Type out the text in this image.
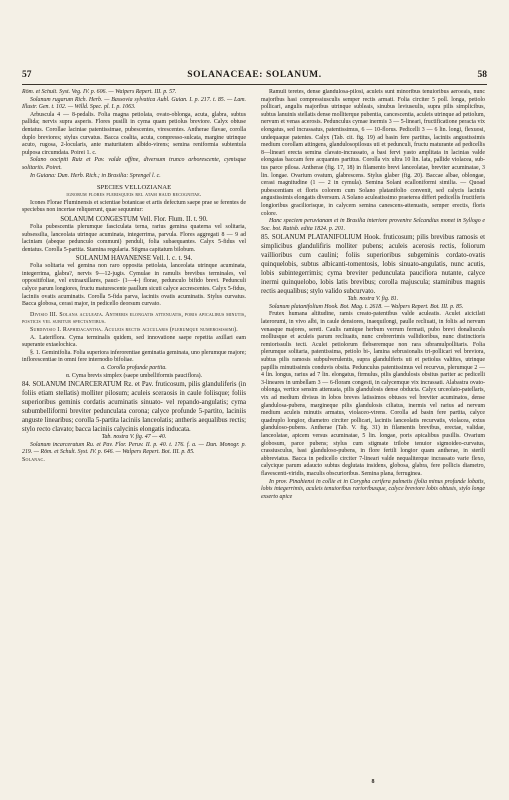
57	SOLANACEAE: SOLANUM.	58

Röm. et Schult. Syst. Veg. IV. p. 606. — Walpers Repert. III. p. 57.

Solanum rugarum Rich. Herb. — Bassovia sylvatica Aubl. Guian. I. p. 217. t. 85. — Lam. Illustr. Gen. t. 102. — Willd. Spec. pl. I. p. 1063.

Arbuscula 4 — 8-pedalis. Folia magna petiolata, ovato-oblonga, acuta, glabra, subtus pallida; nervis supra asperis. Flores pusilli in cyma quam petiolus breviore. Calyx obtuse dentatus. Corollae laciniae patentissimae, pubescentes, virescentes. Antherae flavae, corolla duplo breviores; stylus curvatus. Bacca coalita, acuta, compresso-sulcata, margine utrinque acuto, rugosa, 2-locularis, ante maturitatem albido-virens; semina reniformia subtentula pulposa circumdata. Poirei 1. c.

Solano oocipiti Ruiz et Pav. valde affine, diversum trunco arborescente, cymisque solitariis. Poiret.

In Guiana: Dun. Herb. Rich.; in Brasilia: Sprengel l. c.

SPECIES VELLOZIANAE

ignorum flores plerisqueis rel atam haud recognitae.

Icones Florae Fluminensis et scientiae botanicae et artis defectum saepe prae se ferentes de speciebus non incertae reliquerunt, quae sequuntur:

SOLANUM CONGESTUM Vell. Flor. Flum. II. t. 90.

Folia pubescentia plerumque fasciculata terna, rarius gemina quaterna vel solitaria, subsessilia, lanceolata utrinque acuminata, integerrima, parvula. Flores aggregati 8 — 9 ad laciniam (abeque pedunculo communi) penduli, folia subaequantes. Calyx 5-fidus vel dentatus. Corolla 5-partita. Stamina regularia. Stigma capitatum bilobum.

SOLANUM HAVANENSE Vell. l. c. t. 94.

Folia solitaria vel gemina non raro opposita petiolata, lanceolata utrinque acuminata, integerrima, glabra?, nervis 9—12-jugis. Cymulae in ramulis brevibus terminales, vel oppositifoliae, vel extraaxillares, pauci- (1—4-) florae, pedunculo bifido brevi. Pedunculi calyce parum longiores, fructu maturescente paullum sicuti calyce accrescentes. Calyx 5-fidus, laciniis ovatis acuminatis. Corolla 5-fida parva, laciniis ovatis acuminatis. Stylus curvatus. Bacca globosa, cerasi major, in pedicello deorsum curvato.

Divisio III. Solana aculeata. Antheris elongatis attenuatis, poris apicalibus minutis, posticis vel subitur spectantibus.

Subdivisio I. Raphidacantha. Aculeis rectis acicularis (plerumque numerosissimi).

A. Lateriflora. Cyma terminalis quidem, sed innovatione saepe repetita axillari eam superante extaelochica.

§. 1. Geminifolia. Folia superiora inferorentiae geminatia geminata, uno plerumque majore; inflorescentiae in omni fere internodio bifoliae.

a. Corolla profunde partita.

α. Cyma brevis simplex (saepe umbelliformis pauciflora).

84. SOLANUM INCARCERATUM Rz. et Pav. fruticosum, pilis glanduliferis (in foliis etiam stellatis) molliter pilosum; aculeis sceraosis in caule foliisque; foliis superioribus geminis cordatis acuminatis sinuato- vel repando-angulatis; cyma subumbelliformi breviter pedunculata corona; calyce profunde 5-partito, laciniis anguste linearibus; corolla 5-partita laciniis lanceolatis; antheris aequalibus rectis; stylo recto clavato; bacca laciniis calycinis elongatis inducata.

Tab. nostra V. fig. 47 — 40.

Solanum incarceratum Ru. et Pav. Flor. Peruv. II. p. 40. t. 176. f. a. — Dun. Monogr. p. 219. — Röm. et Schult. Syst. IV. p. 646. — Walpers Repert. Bot. III. p. 85.

Solanac.

Ramuli teretes, dense glandulosa-pilosi, aculeis sunt minoribus tenuioribus aeroeais, nunc majoribus hasi compressiusculis semper rectis armati. Folia circiter 5 poll. longa, petiolo pollicari, angulis majoribus utrinque subleais, sinubus leviuseulis, supra pilis simplicibus, subtus lanuinis stellatis dense molliterque pubentia, cancescentia, aculeis utrinque ad petiolum, nervum et venas acerosis. Pedunculus cymae inermis 3 — 5-lineari, fructificatione peracta vix elongatus, sed incrassatus, patentissimus, 6 — 10-florus. Pedicelli 3 — 6 lin. longi, flexuosi, undequaque patentes. Calyx (Tab. cit. fig. 19) ad basin fere partitus, laciniis angustissimis medium corollam attingens, glandulosopilosus uti et pedunculi, fructu maturante ad pedicellis 8—lineari erecta semina clavato-incrassato, a basi fervi yasto amplitata in lacinias valde elongatas baccam fere acquantes partitus. Corolla vix ultra 10 lin. lata, pallide violacea, sub-tus parce pilosa. Antherae (fig. 17, 18) in filamento brevi lanceolatae, breviter acuminatae, 3 lin. longae. Ovarium ovatum, glabrescens. Stylus glaber (fig. 20). Baccae albae, oblongae, cerasi magnitudine (1 — 2 in cymula). Semina Solani ecalloniformi similia. — Quoad pubescentiam et floris colorem cum Solano platanifolio convenit, sed calycis laciniis angustissimis elongatis diversum. A Solano aculeatissimo praeterea differt pedicellis fructiferis longioribus graciliorisque, in calycem semina canescens-attenuatis, semper erectis, floris colore.

Hanc speciem peruvianam et in Brasilia interiore provenire Selcandius monet in Syllogo e Soc. bot. Ratisb. edita 1824. p. 201.

85. SOLANUM PLATANIFOLIUM Hook. fruticosum; pilis brevibus ramosis et simplicibus glandulifiris molliter pubens; aculeis acerosis rectis, foliorum vaillioribus cum caulini; foliis superioribus subgeminis cordato-ovatis quinquelobis, subtus albicanti-tomentosis, lobis sinuato-angulatis, nunc acutis, lobis subintegerrimis; cyma breviter pedunculata paucifiora nutante, calyce inermi quinquelobo, lobis latis brevibus; corolla majuscula; staminibus magnis rectis aequalibus; stylo valido subcurvato.

Tab. nostra V. fig. 81.

Solanum platanifolium Hook. Bot. Mag. t. 2618. — Walpers Repert. Bot. III. p. 85.

Frutex humana altitudine, ramis creato-patentibus valde aculeatis. Aculei aicicilati laterorumi, in vivo albi, in caule densiores, inaequilongi, paulle recliuati, in foliis ad nervum venasque majores, sereti. Caulis ramique herbum verrum fermati, pubo brevi donaliuculs molliusque et aculeis parum recliuaits, nunc crebrerrimis vallidioribus, nunc distinctioris remiorissulis tecti. Aculei petiolorum flebseremque non rara sibramulpollitaris. Folia plerumque solitaria, patentissima, petiolo bi-, lamina sebrusionalis tri-pollicari vel breviora, subtus pilis ramosis subpulverulentis, supra glanduliferis uti et petiolus valtites, utrinque papillis minutissimis conduvis obsita. Pedunculus patentissimus vel recurvus, plerumque 2 — 4 lin. longus, rarius ad 7 lin. elongatus, firmulus, pilis glandulosis obsitus pariter ac pedicelli 3-lineares in umbellam 3 — 6-floram congesti, in calycemque vix incrassati. Alabastra ovato-oblonga, vertice sensim attenuata, pilis glandulosis dense obducta. Calyx urceolato-patellaris, vix ad medium divisus in lobos breves latissimos obtusos vel breviter acuminatos, dense glandulosa-pubens, margineque pilis glandulosis ciliatus, inermis vel rarius ad nervum medium aculeis minutis armatus, violaceo-virens. Corolla ad basin fere partita, calyce quadruplo longior, diametro circiter pollicari, laciniis lanceolatis recurvatis, violacea, extus glanduloso-pubens. Antherae (Tab. V. fig. 31) in filamentis brevibus, erectae, validae, lanceolatae, apicem versus acuminatae, 5 lin. longae, poris apicalibus pusillis. Ovarium globosum, parce pubens; stylus cum stigmate trilobe tenuior sigmoideo-curvatus, crassiusculus, basi glanduloso-pubens, in flore fertili longior quam antherae, in sterili abbreviatus. Bacca in pedicello circiter 7-lineari valde nequaliterque incrassato varie flexo, calycique parum adaucto subtus deglutata insidens, globosa, glabra, fere pollicis diametro, flavescenti-viridis, maculis obscurioribus. Semina plana, ferruginea.

In prov. Pinahiensi in collie et in Corypha cerifera palmetis (folia minus profunde lobatis, lobis integerrimis, aculeis tenuioribus rarioribusque, calyce breviore lobis obtusis, stylo longe exserto apice

8
